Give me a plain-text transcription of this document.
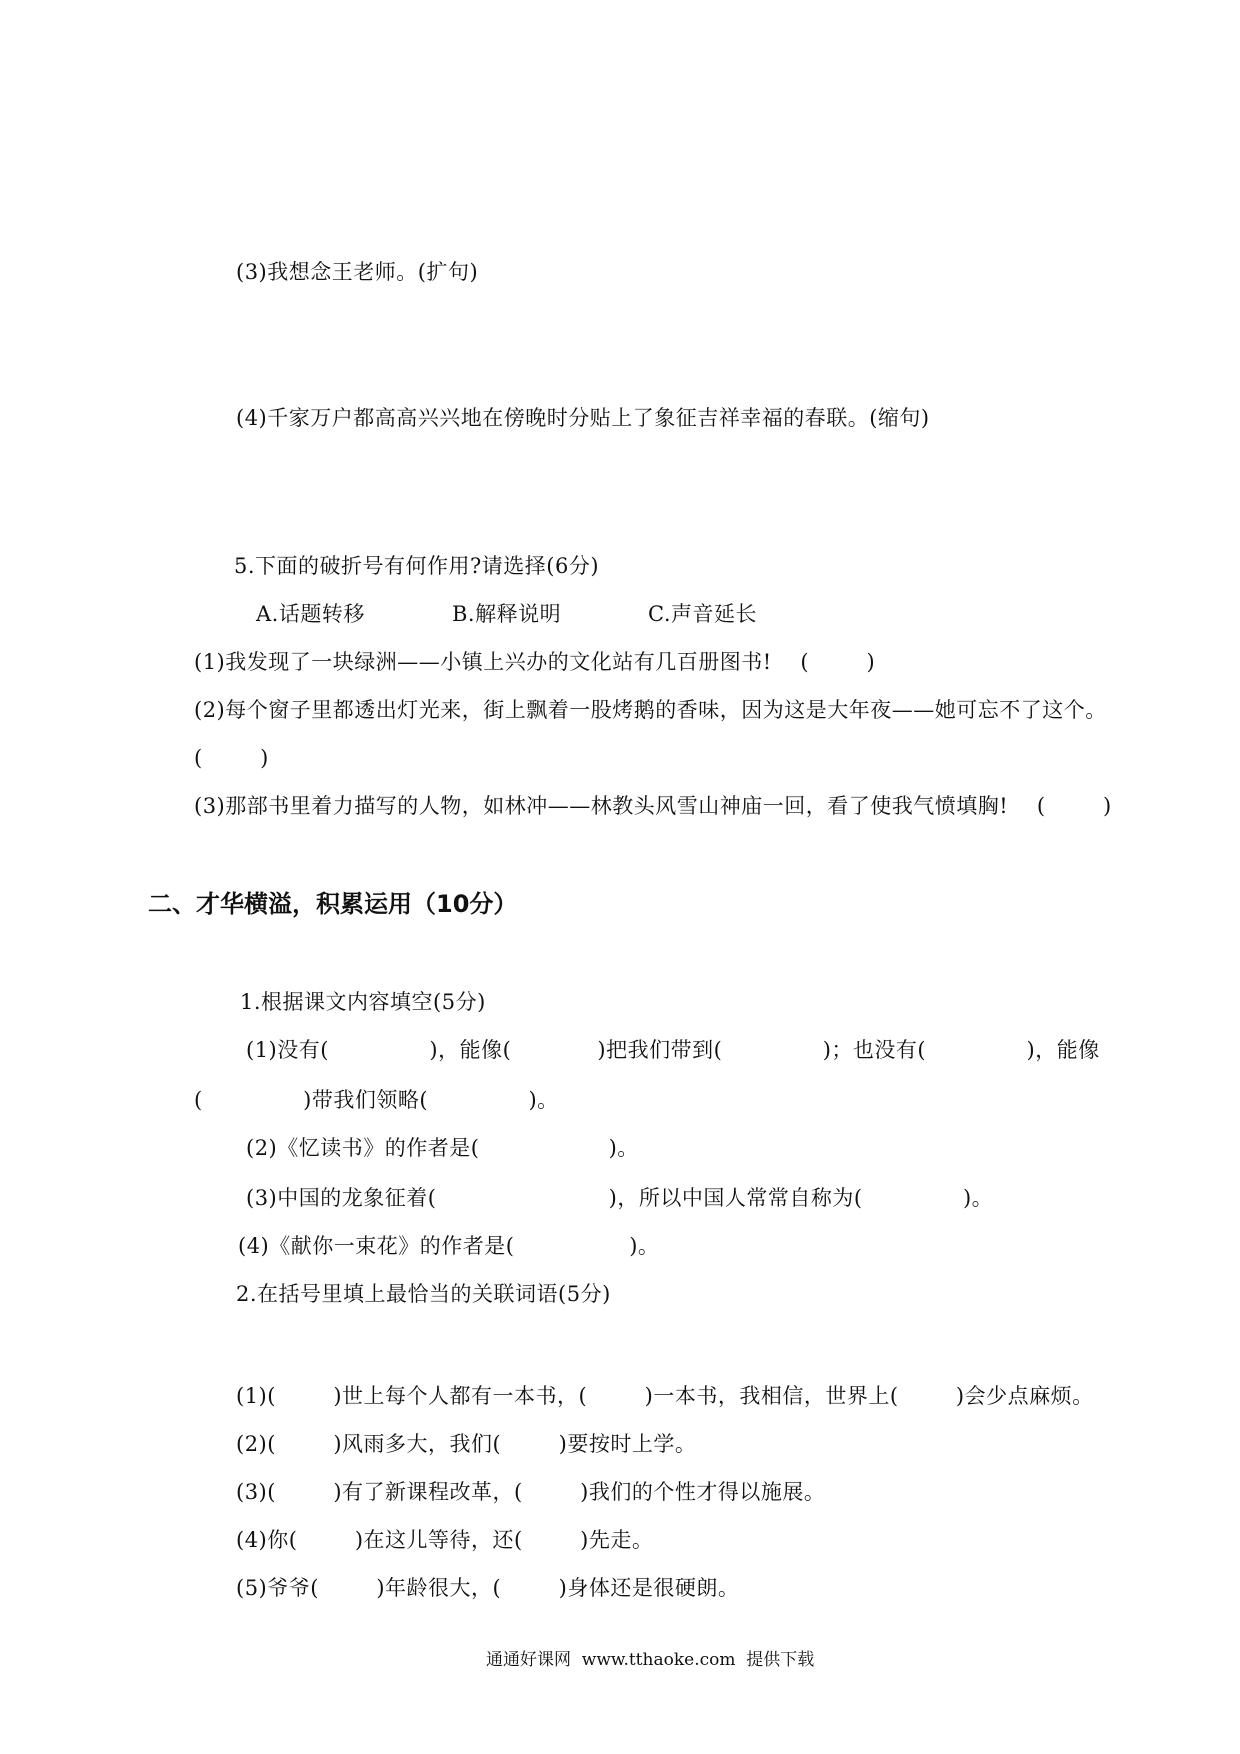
(3)我想念王老师。(扩句)
(4)千家万户都高高兴兴地在傍晚时分贴上了象征吉祥幸福的春联。(缩句)
5.下面的破折号有何作用?请选择(6分)
A.话题转移	B.解释说明	C.声音延长
(1)我发现了一块绿洲——小镇上兴办的文化站有几百册图书!    (        )
(2)每个窗子里都透出灯光来，街上飘着一股烤鹅的香味，因为这是大年夜——她可忘不了这个。
(        )
(3)那部书里着力描写的人物，如林冲——林教头风雪山神庙一回，看了使我气愤填胸!    (        )
二、才华横溢，积累运用（10分）
1.根据课文内容填空(5分)
(1)没有(              )，能像(            )把我们带到(              )；也没有(              )，能像
(              )带我们领略(              )。
(2)《忆读书》的作者是(                  )。
(3)中国的龙象征着(                        )，所以中国人常常自称为(              )。
(4)《献你一束花》的作者是(                )。
2.在括号里填上最恰当的关联词语(5分)
(1)(        )世上每个人都有一本书，(        )一本书，我相信，世界上(        )会少点麻烦。
(2)(        )风雨多大，我们(        )要按时上学。
(3)(        )有了新课程改革，(        )我们的个性才得以施展。
(4)你(        )在这儿等待，还(        )先走。
(5)爷爷(        )年龄很大，(        )身体还是很硬朗。
通通好课网  www.tthaoke.com  提供下载
